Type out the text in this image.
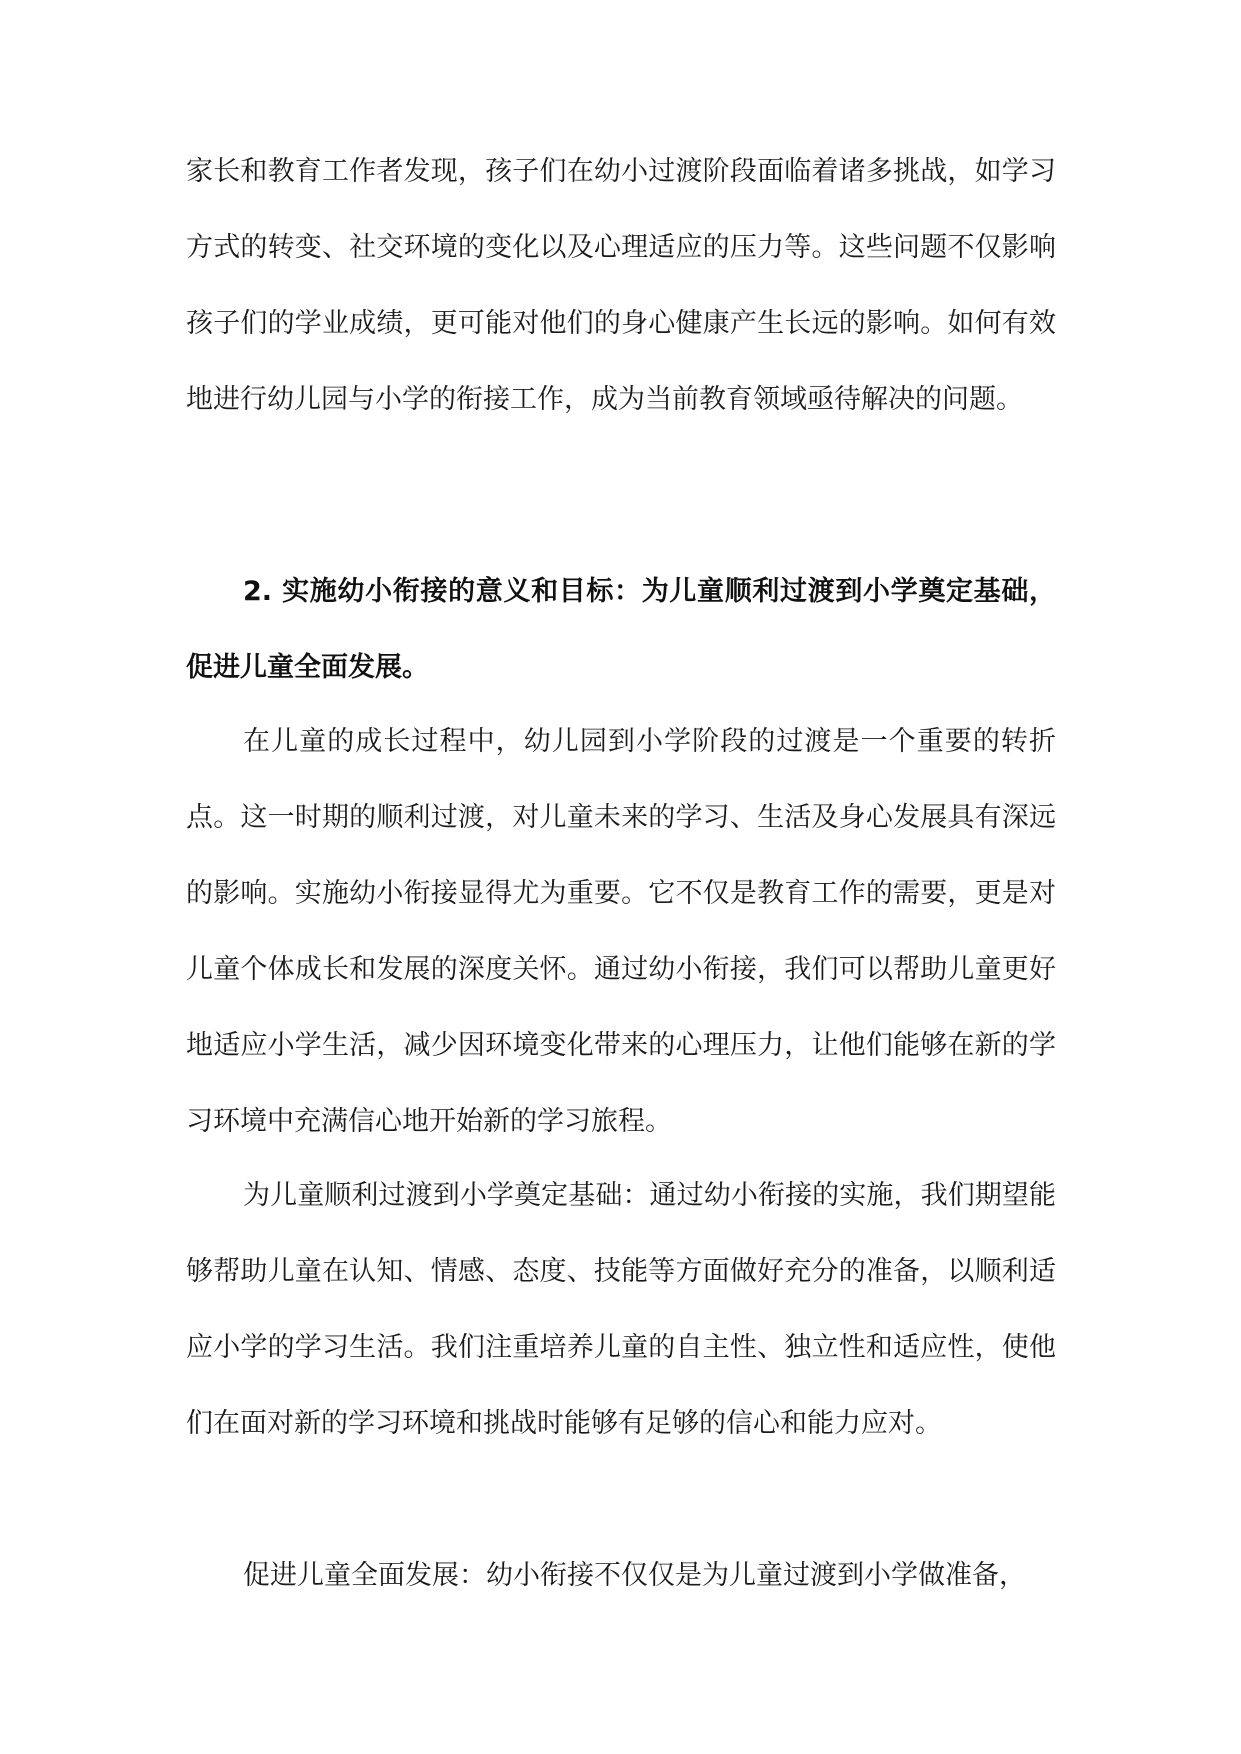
家长和教育工作者发现，孩子们在幼小过渡阶段面临着诸多挑战，如学习方式的转变、社交环境的变化以及心理适应的压力等。这些问题不仅影响孩子们的学业成绩，更可能对他们的身心健康产生长远的影响。如何有效地进行幼儿园与小学的衔接工作，成为当前教育领域亟待解决的问题。

2. 实施幼小衔接的意义和目标：为儿童顺利过渡到小学奠定基础，促进儿童全面发展。

在儿童的成长过程中，幼儿园到小学阶段的过渡是一个重要的转折点。这一时期的顺利过渡，对儿童未来的学习、生活及身心发展具有深远的影响。实施幼小衔接显得尤为重要。它不仅是教育工作的需要，更是对儿童个体成长和发展的深度关怀。通过幼小衔接，我们可以帮助儿童更好地适应小学生活，减少因环境变化带来的心理压力，让他们能够在新的学习环境中充满信心地开始新的学习旅程。

为儿童顺利过渡到小学奠定基础：通过幼小衔接的实施，我们期望能够帮助儿童在认知、情感、态度、技能等方面做好充分的准备，以顺利适应小学的学习生活。我们注重培养儿童的自主性、独立性和适应性，使他们在面对新的学习环境和挑战时能够有足够的信心和能力应对。

促进儿童全面发展：幼小衔接不仅仅是为儿童过渡到小学做准备，
